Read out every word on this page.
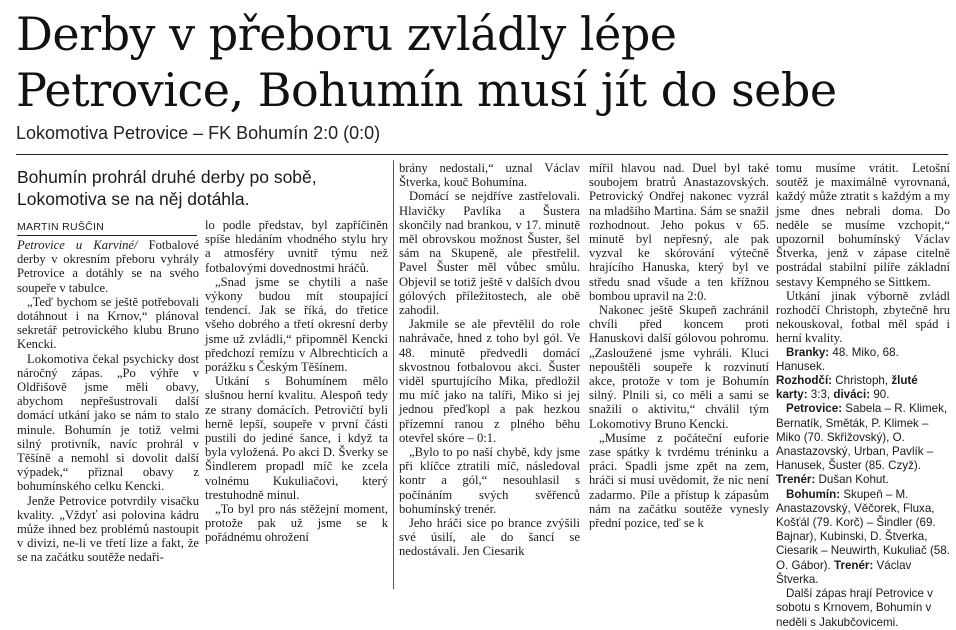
Derby v přeboru zvládly lépe
Petrovice, Bohumín musí jít do sebe
Lokomotiva Petrovice – FK Bohumín 2:0 (0:0)
Bohumín prohrál druhé derby po sobě,
Lokomotiva se na něj dotáhla.
MARTIN RUŠČIN

Petrovice u Karviné/ Fotbalové derby v okresním přeboru vyhrály Petrovice a dotáhly se na svého soupeře v tabulce.

„Teď bychom se ještě potřebovali dotáhnout i na Krnov,“ plánoval sekretář petrovického klubu Bruno Kencki.

Lokomotiva čekal psychicky dost náročný zápas. „Po výhře v Oldřišově jsme měli obavy, abychom nepřešustrovali další domácí utkání jako se nám to stalo minule. Bohumín je totiž velmi silný protivník, navíc prohrál v Těšíně a nemohl si dovolit další výpadek,“ přiznal obavy z bohumínského celku Kencki.

Jenže Petrovice potvrdily visačku kvality. „Vždyť asi polovina kádru může ihned bez problémů nastoupit v divizi, ne-li ve třetí lize a fakt, že se na začátku soutěže nedaři-

lo podle představ, byl zapříčiněn spíše hledáním vhodného stylu hry a atmosféry uvnitř týmu než fotbalovými dovednostmi hráčů.

„Snad jsme se chytili a naše výkony budou mít stoupající tendencí. Jak se říká, do třetice všeho dobrého a třetí okresní derby jsme už zvládli,“ připomněl Kencki předchozí remízu v Albrechticích a porážku s Českým Těšínem.

Utkání s Bohumínem mělo slušnou herní kvalitu. Alespoň tedy ze strany domácích. Petrovičtí byli herně lepší, soupeře v první části pustili do jediné šance, i když ta byla vyložená. Po akci D. Šverky se Šindlerem propadl míč ke zcela volnému Kukuliačovi, který trestuhodně minul.

„To byl pro nás stěžejní moment, protože pak už jsme se k pořádnému ohrožení

brány nedostali,“ uznal Václav Štverka, kouč Bohumína.

Domácí se nejdříve zastřelovali. Hlavičky Pavlíka a Šustera skončily nad brankou, v 17. minutě měl obrovskou možnost Šuster, šel sám na Skupeně, ale přestřelil. Pavel Šuster měl vůbec smůlu. Objevil se totiž ještě v dalších dvou gólových příležitostech, ale obě zahodil.

Jakmile se ale převtělil do role nahrávače, hned z toho byl gól. Ve 48. minutě předvedli domácí skvostnou fotbalovou akci. Šuster viděl spurtujícího Mika, předložil mu míč jako na talíři, Miko si jej jednou přeďkopl a pak hezkou přízemní ranou z plného běhu otevřel skóre – 0:1.

„Bylo to po naší chybě, kdy jsme při klíčce ztratili míč, následoval kontr a gól,“ nesouhlasil s počínáním svých svěřenců bohumínský trenér.

Jeho hráči sice po brance zvýšili své úsilí, ale do šancí se nedostávali. Jen Ciesarik

mířil hlavou nad. Duel byl také soubojem bratrů Anastazovských. Petrovický Ondřej nakonec vyzrál na mladšího Martina. Sám se snažil rozhodnout. Jeho pokus v 65. minutě byl nepřesný, ale pak vyzval ke skórování výtečně hrajícího Hanuska, který byl ve středu snad všude a ten křížnou bombou upravil na 2:0.

Nakonec ještě Skupeň zachránil chvíli před koncem proti Hanuskovi další gólovou pohromu. „Zasloužené jsme vyhráli. Kluci nepouštěli soupeře k rozvinutí akce, protože v tom je Bohumín silný. Plnili si, co měli a sami se snažili o aktivitu,“ chválil tým Lokomotivy Bruno Kencki.

„Musíme z počáteční euforie zase spátky k tvrdému tréninku a práci. Spadli jsme zpět na zem, hráči si musí uvědomit, že nic není zadarmo. Píle a přístup k zápasům nám na začátku soutěže vynesly přední pozice, teď se k

tomu musíme vrátit. Letošní soutěž je maximálně vyrovnaná, každý může ztratit s každým a my jsme dnes nebrali doma. Do neděle se musíme vzchopit,“ upozornil bohumínský Václav Štverka, jenž v zápase citelně postrádal stabilní pilíře základní sestavy Kempného se Sittkem.

Utkání jinak výborně zvládl rozhodčí Christoph, zbytečně hru nekouskoval, fotbal měl spád i herní kvality.

Branky: 48. Miko, 68. Hanusek.

Rozhodčí: Christoph, žluté karty: 3:3, diváci: 90.

Petrovice: Sabela – R. Klimek, Bernatík, Směták, P. Klimek – Miko (70. Skřižovský), O. Anastazovský, Urban, Pavlík – Hanusek, Šuster (85. Czyž). Trenér: Dušan Kohut.

Bohumín: Skupeň – M. Anastazovský, Věčorek, Fluxa, Košťál (79. Korč) – Šindler (69. Bajnar), Kubinski, D. Štverka, Ciesarik – Neuwirth, Kukuliač (58. O. Gábor). Trenér: Václav Štverka.

Další zápas hrají Petrovice v sobotu s Krnovem, Bohumín v neděli s Jakubčovicemi.
